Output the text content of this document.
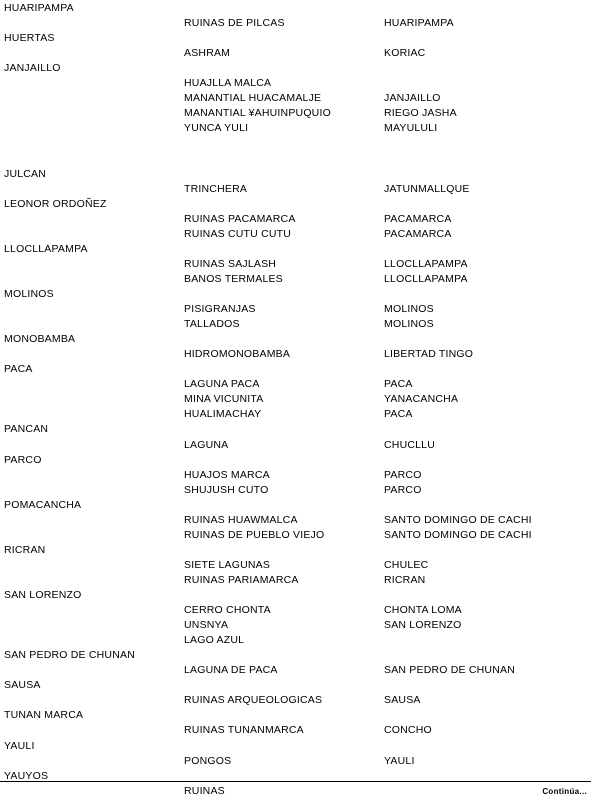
HUARIPAMPA
RUINAS DE PILCAS	HUARIPAMPA
HUERTAS
ASHRAM	KORIAC
JANJAILLO
HUAJLLA MALCA
MANANTIAL HUACAMALJE	JANJAILLO
MANANTIAL ¥AHUINPUQUIO	RIEGO JASHA
YUNCA YULI	MAYULULI
JULCAN
TRINCHERA	JATUNMALLQUE
LEONOR ORDOÑEZ
RUINAS PACAMARCA	PACAMARCA
RUINAS CUTU CUTU	PACAMARCA
LLOCLLAPAMPA
RUINAS SAJLASH	LLOCLLAPAMPA
BANOS TERMALES	LLOCLLAPAMPA
MOLINOS
PISIGRANJAS	MOLINOS
TALLADOS	MOLINOS
MONOBAMBA
HIDROMONOBAMBA	LIBERTAD TINGO
PACA
LAGUNA PACA	PACA
MINA VICUNITA	YANACANCHA
HUALIMACHAY	PACA
PANCAN
LAGUNA	CHUCLLU
PARCO
HUAJOS MARCA	PARCO
SHUJUSH CUTO	PARCO
POMACANCHA
RUINAS HUAWMALCA	SANTO DOMINGO DE CACHI
RUINAS DE PUEBLO VIEJO	SANTO DOMINGO DE CACHI
RICRAN
SIETE LAGUNAS	CHULEC
RUINAS PARIAMARCA	RICRAN
SAN LORENZO
CERRO CHONTA	CHONTA LOMA
UNSNYA	SAN LORENZO
LAGO AZUL
SAN PEDRO DE CHUNAN
LAGUNA DE PACA	SAN PEDRO DE CHUNAN
SAUSA
RUINAS ARQUEOLOGICAS	SAUSA
TUNAN MARCA
RUINAS TUNANMARCA	CONCHO
YAULI
PONGOS	YAULI
YAUYOS
RUINAS	Continúa...
